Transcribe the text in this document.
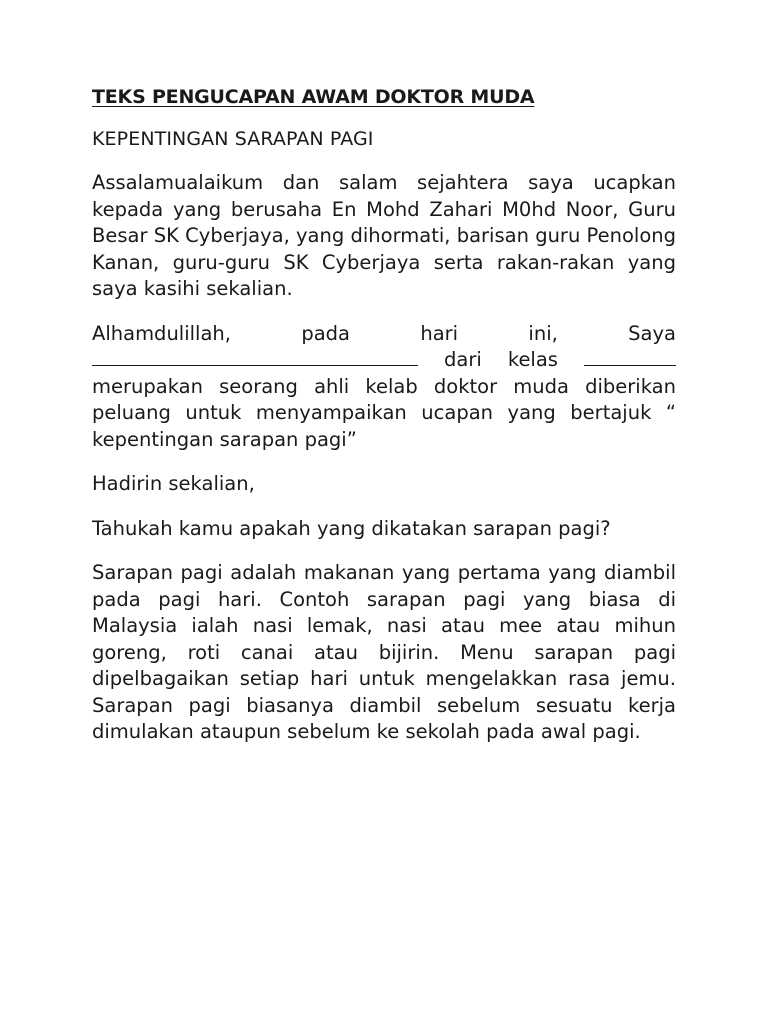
TEKS PENGUCAPAN AWAM DOKTOR MUDA
KEPENTINGAN SARAPAN PAGI

Assalamualaikum dan salam sejahtera saya ucapkan kepada yang berusaha En Mohd Zahari M0hd Noor, Guru Besar SK Cyberjaya, yang dihormati, barisan guru Penolong Kanan, guru-guru SK Cyberjaya serta rakan-rakan yang saya kasihi sekalian.

Alhamdulillah, pada hari ini, Saya  dari kelas merupakan seorang ahli kelab doktor muda diberikan peluang untuk menyampaikan ucapan yang bertajuk “ kepentingan sarapan pagi”

Hadirin sekalian,

Tahukah kamu apakah yang dikatakan sarapan pagi?

Sarapan pagi adalah makanan yang pertama yang diambil pada pagi hari. Contoh sarapan pagi yang biasa di Malaysia ialah nasi lemak, nasi atau mee atau mihun goreng, roti canai atau bijirin. Menu sarapan pagi dipelbagaikan setiap hari untuk mengelakkan rasa jemu. Sarapan pagi biasanya diambil sebelum sesuatu kerja dimulakan ataupun sebelum ke sekolah pada awal pagi.
